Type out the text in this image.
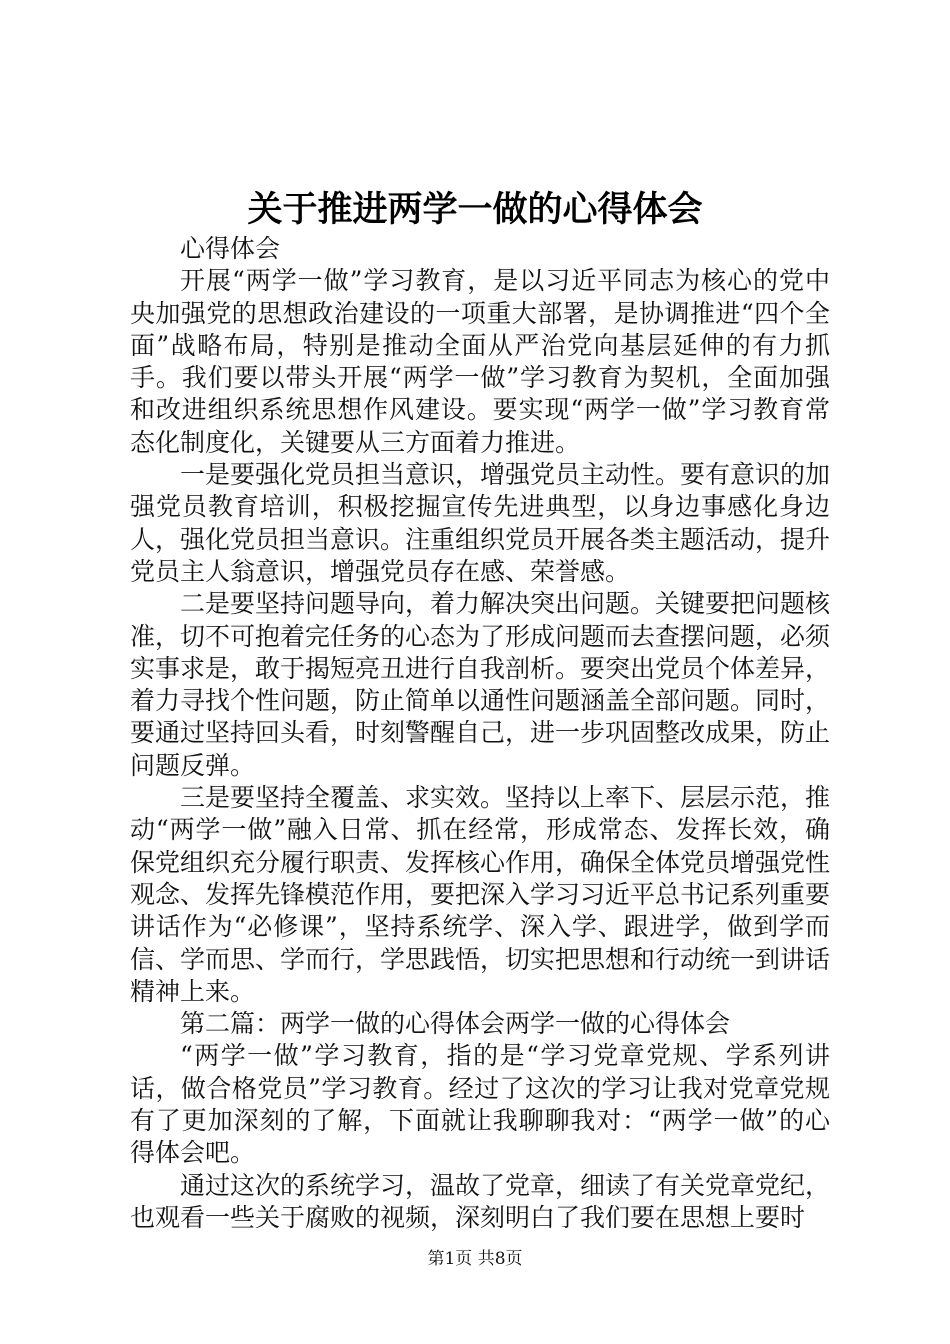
关于推进两学一做的心得体会

心得体会

开展“两学一做”学习教育，是以习近平同志为核心的党中央加强党的思想政治建设的一项重大部署，是协调推进“四个全面”战略布局，特别是推动全面从严治党向基层延伸的有力抓手。我们要以带头开展“两学一做”学习教育为契机，全面加强和改进组织系统思想作风建设。要实现“两学一做”学习教育常态化制度化，关键要从三方面着力推进。

一是要强化党员担当意识，增强党员主动性。要有意识的加强党员教育培训，积极挖掘宣传先进典型，以身边事感化身边人，强化党员担当意识。注重组织党员开展各类主题活动，提升党员主人翁意识，增强党员存在感、荣誉感。

二是要坚持问题导向，着力解决突出问题。关键要把问题核准，切不可抱着完任务的心态为了形成问题而去查摆问题，必须实事求是，敢于揭短亮丑进行自我剖析。要突出党员个体差异，着力寻找个性问题，防止简单以通性问题涵盖全部问题。同时，要通过坚持回头看，时刻警醒自己，进一步巩固整改成果，防止问题反弹。

三是要坚持全覆盖、求实效。坚持以上率下、层层示范，推动“两学一做”融入日常、抓在经常，形成常态、发挥长效，确保党组织充分履行职责、发挥核心作用，确保全体党员增强党性观念、发挥先锋模范作用，要把深入学习习近平总书记系列重要讲话作为“必修课”，坚持系统学、深入学、跟进学，做到学而信、学而思、学而行，学思践悟，切实把思想和行动统一到讲话精神上来。

第二篇：两学一做的心得体会两学一做的心得体会

“两学一做”学习教育，指的是“学习党章党规、学系列讲话，做合格党员”学习教育。经过了这次的学习让我对党章党规有了更加深刻的了解，下面就让我聊聊我对：“两学一做”的心得体会吧。

通过这次的系统学习，温故了党章，细读了有关党章党纪，也观看一些关于腐败的视频，深刻明白了我们要在思想上要时

第1页 共8页
